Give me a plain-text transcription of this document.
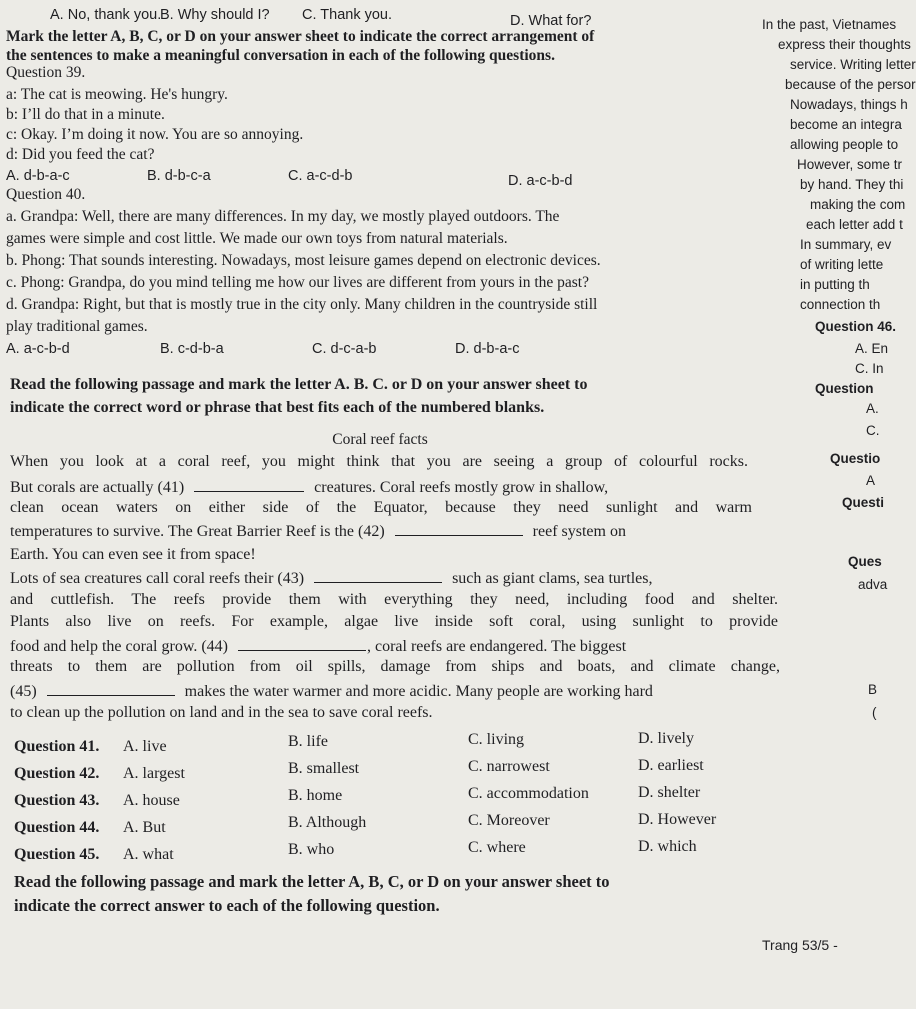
A. No, thank you.
B. Why should I? C. Thank you.	D. What for?
Mark the letter A, B, C, or D on your answer sheet to indicate the correct arrangement of
the sentences to make a meaningful conversation in each of the following questions.
Question 39.
a: The cat is meowing. He's hungry.
b: I’ll do that in a minute.
c: Okay. I’m doing it now. You are so annoying.
d: Did you feed the cat?
A. d-b-a-c	B. d-b-c-a	C. a-c-d-b	D. a-c-b-d
Question 40.
a. Grandpa: Well, there are many differences. In my day, we mostly played outdoors. The
games were simple and cost little. We made our own toys from natural materials.
b. Phong: That sounds interesting. Nowadays, most leisure games depend on electronic devices.
c. Phong: Grandpa, do you mind telling me how our lives are different from yours in the past?
d. Grandpa: Right, but that is mostly true in the city only. Many children in the countryside still
play traditional games.
A. a-c-b-d	B. c-d-b-a	C. d-c-a-b	D. d-b-a-c
Read the following passage and mark the letter A. B. C. or D on your answer sheet to
indicate the correct word or phrase that best fits each of the numbered blanks.
Coral reef facts
When you look at a coral reef, you might think that you are seeing a group of colourful rocks.
But corals are actually (41)	creatures. Coral reefs mostly grow in shallow,
clean ocean waters on either side of the Equator, because they need sunlight and warm
temperatures to survive. The Great Barrier Reef is the (42)	reef system on
Earth. You can even see it from space!
Lots of sea creatures call coral reefs their (43)	such as giant clams, sea turtles,
and cuttlefish. The reefs provide them with everything they need, including food and shelter.
Plants also live on reefs. For example, algae live inside soft coral, using sunlight to provide
food and help the coral grow. (44)	, coral reefs are endangered. The biggest
threats to them are pollution from oil spills, damage from ships and boats, and climate change,
(45)	makes the water warmer and more acidic. Many people are working hard
to clean up the pollution on land and in the sea to save coral reefs.
Question 41. A. live	B. life	C. living	D. lively
Question 42. A. largest	B. smallest	C. narrowest	D. earliest
Question 43. A. house	B. home	C. accommodation	D. shelter
Question 44. A. But	B. Although	C. Moreover	D. However
Question 45. A. what	B. who	C. where	D. which
Read the following passage and mark the letter A, B, C, or D on your answer sheet to
indicate the correct answer to each of the following question.
Trang 53/5 -
In the past, Vietnames
express their thoughts
service. Writing letter
because of the persor
Nowadays, things h
become an integra
allowing people to
However, some tr
by hand. They thi
making the com
each letter add t
In summary, ev
of writing lette
in putting th
connection th
Question 46.
A. En
C. In
Question
A.
C.
Questio
A
Questi
Ques
adva
B
(
